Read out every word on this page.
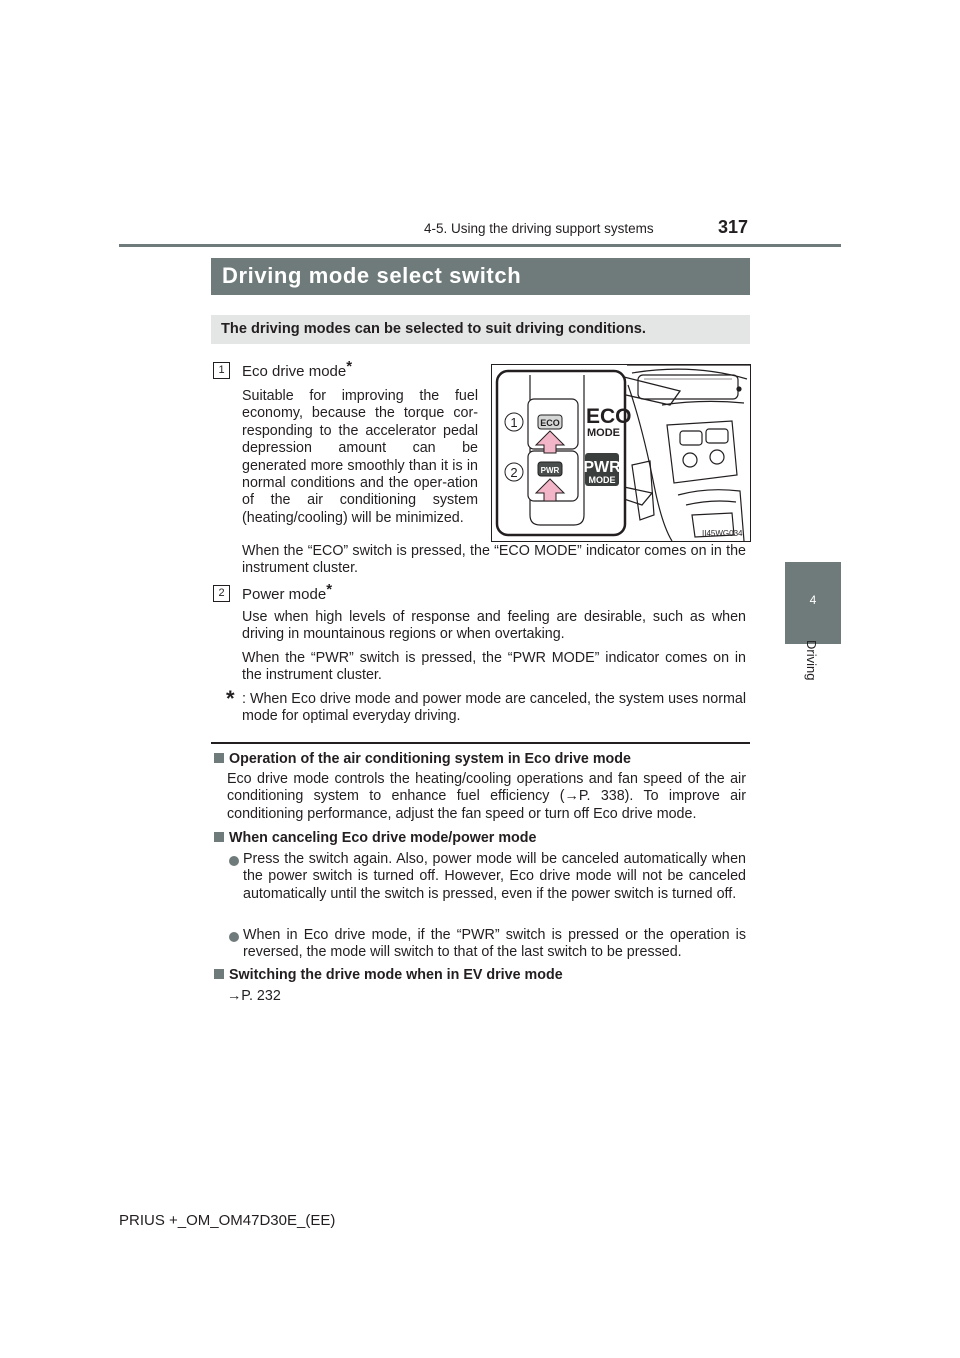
4-5. Using the driving support systems	317
4
Driving
Driving mode select switch
The driving modes can be selected to suit driving conditions.
1	Eco drive mode*
Suitable for improving the fuel economy, because the torque cor-responding to the accelerator pedal depression amount can be generated more smoothly than it is in normal conditions and the oper-ation of the air conditioning system (heating/cooling) will be minimized.
When the “ECO” switch is pressed, the “ECO MODE” indicator comes on in the instrument cluster.
ECO
PWR
1
2
ECO
MODE
PWR
MODE
II45WG034
2	Power mode*
Use when high levels of response and feeling are desirable, such as when driving in mountainous regions or when overtaking.
When the “PWR” switch is pressed, the “PWR MODE” indicator comes on in the instrument cluster.
* : When Eco drive mode and power mode are canceled, the system uses normal mode for optimal everyday driving.
Operation of the air conditioning system in Eco drive mode
Eco drive mode controls the heating/cooling operations and fan speed of the air conditioning system to enhance fuel efficiency (→P. 338). To improve air conditioning performance, adjust the fan speed or turn off Eco drive mode.
When canceling Eco drive mode/power mode
Press the switch again. Also, power mode will be canceled automatically when the power switch is turned off. However, Eco drive mode will not be canceled automatically until the switch is pressed, even if the power switch is turned off.
When in Eco drive mode, if the “PWR” switch is pressed or the operation is reversed, the mode will switch to that of the last switch to be pressed.
Switching the drive mode when in EV drive mode
→P. 232
PRIUS +_OM_OM47D30E_(EE)
